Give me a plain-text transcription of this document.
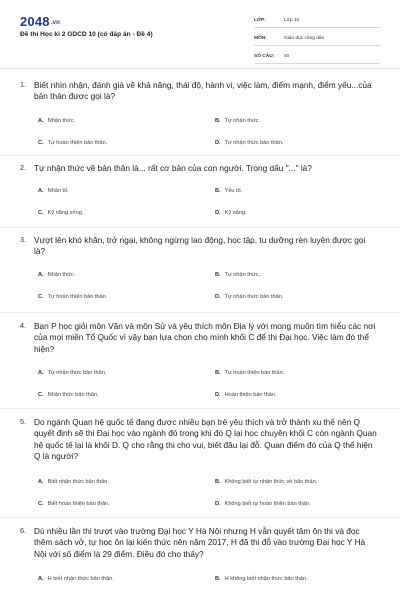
2048.vn
Đề thi Học kì 2 GDCD 10 (có đáp án - Đề 4)
LỚP:	Lớp 10
MÔN:	Giáo dục công dân
SỐ CÂU:	40
1. Biết nhìn nhận, đánh giá về khả năng, thái độ, hành vi, việc làm, điểm mạnh, điểm yếu...của bản thân được gọi là?
A. Nhận thức.	B. Tự nhận thức.
C. Tự hoàn thiện bản thân.	D. Tự nhận thức bản thân.
2. Tự nhận thức về bản thân là... rất cơ bản của con người. Trong dấu "..." là?
A. Nhân tố.	B. Yếu tố.
C. Kỹ năng sống.	D. Kỹ năng.
3. Vượt lên khó khăn, trở ngại, không ngừng lao động, học tập, tu dưỡng rèn luyện được gọi là?
A. Nhận thức.	B. Tự nhận thức.
C. Tự hoàn thiện bản thân.	D. Tự nhận thức bản thân.
4. Bạn P học giỏi môn Văn và môn Sử và yêu thích môn Địa lý với mong muốn tìm hiểu các nơi của mọi miền Tổ Quốc vì vậy bạn lựa chọn cho mình khối C để thi Đại học. Việc làm đó thể hiện?
A. Tự nhận thức bản thân.	B. Tự hoàn thiện bản thân.
C. Nhận thức bản thân.	D. Hoàn thiện bản thân.
5. Do ngành Quan hệ quốc tế đang được nhiều bạn trẻ yêu thích và trở thành xu thế nên Q quyết định sẽ thi Đại học vào ngành đó trong khi đó Q lại học chuyên khối C còn ngành Quan hệ quốc tế lại là khối D. Q cho rằng thi cho vui, biết đâu lại đỗ. Quan điểm đó của Q thể hiện Q là người?
A. Biết nhận thức bản thân.	B. Không biết tự nhận thức về bản thân.
C. Biết hoàn thiện bản thân.	D. Không biết tự hoàn thiện bản thân.
6. Dù nhiều lần thi trượt vào trường Đại học Y Hà Nội nhưng H vẫn quyết tâm ôn thi và đọc thêm sách vở, tự học ôn lại kiến thức nên năm 2017, H đã thi đỗ vào trường Đại học Y Hà Nội với số điểm là 29 điểm. Điều đó cho thấy?
A. H biết nhận thức bản thân.	B. H không biết nhận thức bản thân.
